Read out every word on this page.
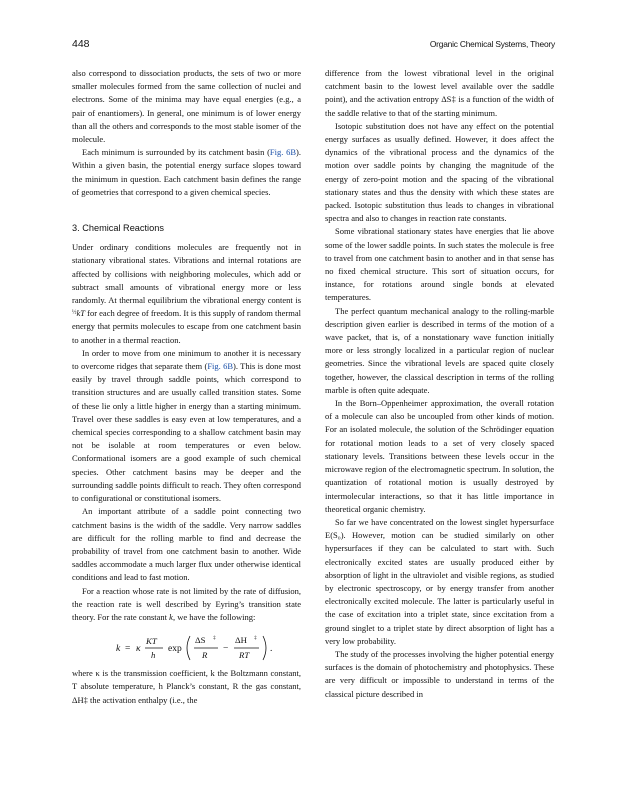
448	Organic Chemical Systems, Theory

also correspond to dissociation products, the sets of two or more smaller molecules formed from the same collection of nuclei and electrons. Some of the minima may have equal energies (e.g., a pair of enantiomers). In general, one minimum is of lower energy than all the others and corresponds to the most stable isomer of the molecule.

Each minimum is surrounded by its catchment basin (Fig. 6B). Within a given basin, the potential energy surface slopes toward the minimum in question. Each catchment basin defines the range of geometries that correspond to a given chemical species.

3. Chemical Reactions

Under ordinary conditions molecules are frequently not in stationary vibrational states. Vibrations and internal rotations are affected by collisions with neighboring molecules, which add or subtract small amounts of vibrational energy more or less randomly. At thermal equilibrium the vibrational energy content is $^{\frac{1}{2}}$kT for each degree of freedom. It is this supply of random thermal energy that permits molecules to escape from one catchment basin to another in a thermal reaction.

In order to move from one minimum to another it is necessary to overcome ridges that separate them (Fig. 6B). This is done most easily by travel through saddle points, which correspond to transition structures and are usually called transition states. Some of these lie only a little higher in energy than a starting minimum. Travel over these saddles is easy even at low temperatures, and a chemical species corresponding to a shallow catchment basin may not be isolable at room temperatures or even below. Conformational isomers are a good example of such chemical species. Other catchment basins may be deeper and the surrounding saddle points difficult to reach. They often correspond to configurational or constitutional isomers.

An important attribute of a saddle point connecting two catchment basins is the width of the saddle. Very narrow saddles are difficult for the rolling marble to find and decrease the probability of travel from one catchment basin to another. Wide saddles accommodate a much larger flux under otherwise identical conditions and lead to fast motion.

For a reaction whose rate is not limited by the rate of diffusion, the reaction rate is well described by Eyring’s transition state theory. For the rate constant k, we have the following:

k = κ
KT
h
exp
ΔS ‡
R
−
ΔH ‡
RT
.

where κ is the transmission coefficient, k the Boltzmann constant, T absolute temperature, h Planck’s constant, R the gas constant, ΔH‡ the activation enthalpy (i.e., the

difference from the lowest vibrational level in the original catchment basin to the lowest level available over the saddle point), and the activation entropy ΔS‡ is a function of the width of the saddle relative to that of the starting minimum.

Isotopic substitution does not have any effect on the potential energy surfaces as usually defined. However, it does affect the dynamics of the vibrational process and the dynamics of the motion over saddle points by changing the magnitude of the energy of zero-point motion and the spacing of the vibrational stationary states and thus the density with which these states are packed. Isotopic substitution thus leads to changes in vibrational spectra and also to changes in reaction rate constants.

Some vibrational stationary states have energies that lie above some of the lower saddle points. In such states the molecule is free to travel from one catchment basin to another and in that sense has no fixed chemical structure. This sort of situation occurs, for instance, for rotations around single bonds at elevated temperatures.

The perfect quantum mechanical analogy to the rolling-marble description given earlier is described in terms of the motion of a wave packet, that is, of a nonstationary wave function initially more or less strongly localized in a particular region of nuclear geometries. Since the vibrational levels are spaced quite closely together, however, the classical description in terms of the rolling marble is often quite adequate.

In the Born–Oppenheimer approximation, the overall rotation of a molecule can also be uncoupled from other kinds of motion. For an isolated molecule, the solution of the Schrödinger equation for rotational motion leads to a set of very closely spaced stationary levels. Transitions between these levels occur in the microwave region of the electromagnetic spectrum. In solution, the quantization of rotational motion is usually destroyed by intermolecular interactions, so that it has little importance in theoretical organic chemistry.

So far we have concentrated on the lowest singlet hypersurface E(S₀). However, motion can be studied similarly on other hypersurfaces if they can be calculated to start with. Such electronically excited states are usually produced either by absorption of light in the ultraviolet and visible regions, as studied by electronic spectroscopy, or by energy transfer from another electronically excited molecule. The latter is particularly useful in the case of excitation into a triplet state, since excitation from a ground singlet to a triplet state by direct absorption of light has a very low probability.

The study of the processes involving the higher potential energy surfaces is the domain of photochemistry and photophysics. These are very difficult or impossible to understand in terms of the classical picture described in
